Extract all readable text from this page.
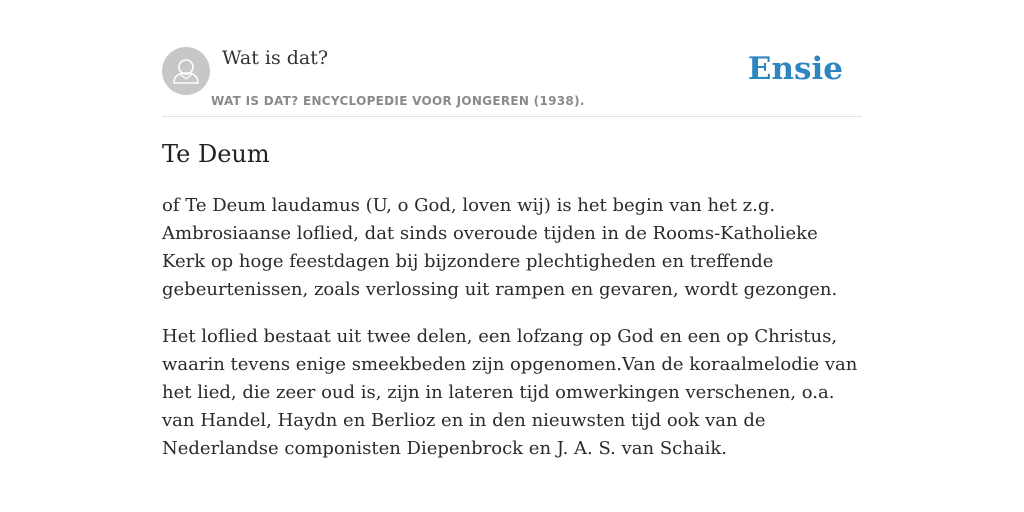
Wat is dat?
WAT IS DAT? ENCYCLOPEDIE VOOR JONGEREN (1938).
Ensie
Te Deum

of Te Deum laudamus (U, o God, loven wij) is het begin van het z.g. Ambrosiaanse loflied, dat sinds overoude tijden in de Rooms-Katholieke Kerk op hoge feestdagen bij bijzondere plechtigheden en treffende gebeurtenissen, zoals verlossing uit rampen en gevaren, wordt gezongen.

Het loflied bestaat uit twee delen, een lofzang op God en een op Christus, waarin tevens enige smeekbeden zijn opgenomen.Van de koraalmelodie van het lied, die zeer oud is, zijn in lateren tijd omwerkingen verschenen, o.a. van Handel, Haydn en Berlioz en in den nieuwsten tijd ook van de Nederlandse componisten Diepenbrock en J. A. S. van Schaik.
